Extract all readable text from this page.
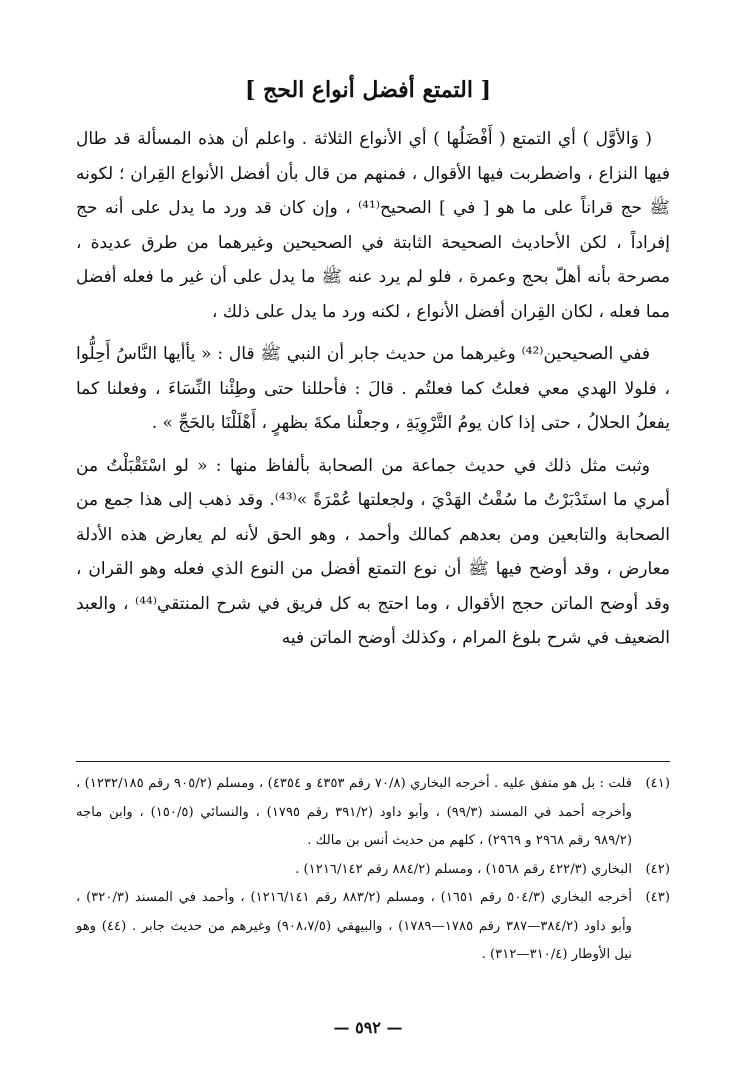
[ التمتع أفضل أنواع الحج ]

( وَالأوَّل ) أي التمتع ( أَفْضَلُها ) أي الأنواع الثلاثة . واعلم أن هذه المسألة قد طال فيها النزاع ، واضطربت فيها الأقوال ، فمنهم من قال بأن أفضل الأنواع القِران ؛ لكونه ﷺ حج قراناً على ما هو [ في ] الصحيح⁽⁴¹⁾ ، وإن كان قد ورد ما يدل على أنه حج إفراداً ، لكن الأحاديث الصحيحة الثابتة في الصحيحين وغيرهما من طرق عديدة ، مصرحة بأنه أهلّ بحج وعمرة ، فلو لم يرد عنه ﷺ ما يدل على أن غير ما فعله أفضل مما فعله ، لكان القِران أفضل الأنواع ، لكنه ورد ما يدل على ذلك ،

ففي الصحيحين⁽⁴²⁾ وغيرهما من حديث جابر أن النبي ﷺ قال : « يأأيها النَّاسُ أَحِلُّوا ، فلولا الهدي معي فعلتُ كما فعلتُم . قالَ : فأحللنا حتى وطِئْنا النِّسَاءَ ، وفعلنا كما يفعلُ الحلالُ ، حتى إذا كان يومُ التَّرْوِيَةِ ، وجعلْنا مكةَ بظهرٍ ، أَهْلَلْنَا بالحَجِّ » .

وثبت مثل ذلك في حديث جماعة من الصحابة بألفاظ منها : « لو اسْتَقْبَلْتُ من أمري ما استَدْبَرْتُ ما سُقْتُ الهَدْيَ ، ولجعلتها عُمْرَةً »⁽⁴³⁾. وقد ذهب إلى هذا جمع من الصحابة والتابعين ومن بعدهم كمالك وأحمد ، وهو الحق لأنه لم يعارض هذه الأدلة معارض ، وقد أوضح فيها ﷺ أن نوع التمتع أفضل من النوع الذي فعله وهو القران ، وقد أوضح الماتن حجج الأقوال ، وما احتج به كل فريق في شرح المنتقي⁽⁴⁴⁾ ، والعبد الضعيف في شرح بلوغ المرام ، وكذلك أوضح الماتن فيه

(٤١)
قلت : بل هو متفق عليه . أخرجه البخاري (٧٠/٨ رقم ٤٣٥٣ و ٤٣٥٤) ، ومسلم (٩٠٥/٢ رقم ١٢٣٢/١٨٥) ، وأخرجه أحمد في المسند (٩٩/٣) ، وأبو داود (٣٩١/٢ رقم ١٧٩٥) ، والنسائي (١٥٠/٥) ، وابن ماجه (٩٨٩/٢ رقم ٢٩٦٨ و ٢٩٦٩) ، كلهم من حديث أنس بن مالك .
(٤٢)
البخاري (٤٢٢/٣ رقم ١٥٦٨) ، ومسلم (٨٨٤/٢ رقم ١٢١٦/١٤٢) .
(٤٣)
أخرجه البخاري (٥٠٤/٣ رقم ١٦٥١) ، ومسلم (٨٨٣/٢ رقم ١٢١٦/١٤١) ، وأحمد في المسند (٣٢٠/٣) ، وأبو داود (٣٨٤/٢—٣٨٧ رقم ١٧٨٥—١٧٨٩) ، والبيهقي (٩٠٨،٧/٥) وغيرهم من حديث جابر . (٤٤) وهو نيل الأوطار (٣١٠/٤—٣١٢) .
— ٥٩٢ —
